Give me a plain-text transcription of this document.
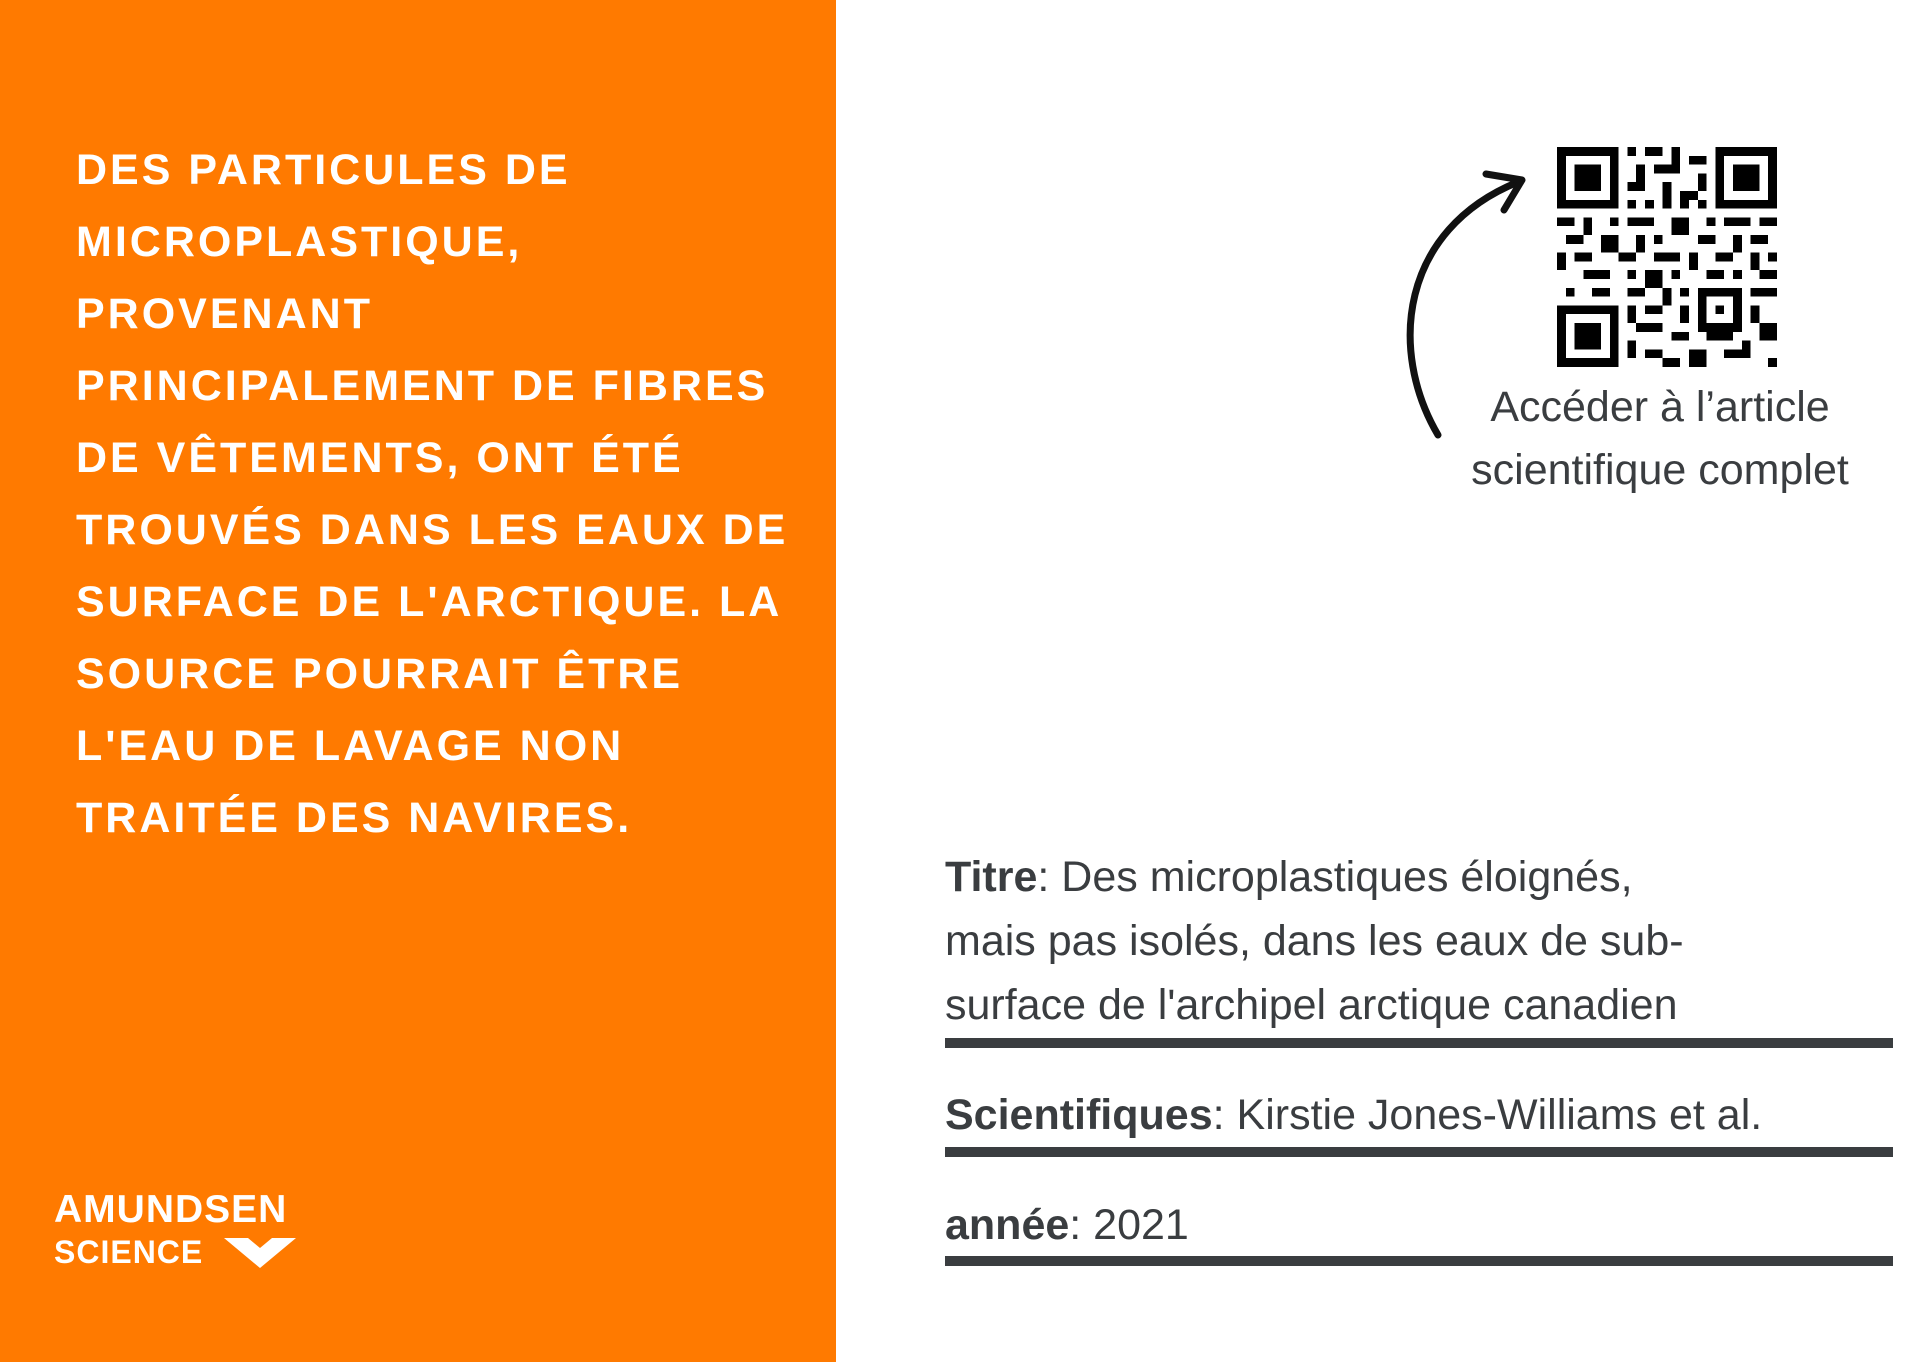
DES PARTICULES DE MICROPLASTIQUE, PROVENANT PRINCIPALEMENT DE FIBRES DE VÊTEMENTS, ONT ÉTÉ TROUVÉS DANS LES EAUX DE SURFACE DE L'ARCTIQUE. LA SOURCE POURRAIT ÊTRE L'EAU DE LAVAGE NON TRAITÉE DES NAVIRES.

AMUNDSEN
SCIENCE
Accéder à l’article
scientifique complet
Titre: Des microplastiques éloignés,
mais pas isolés, dans les eaux de sub-
surface de l'archipel arctique canadien
Scientifiques: Kirstie Jones-Williams et al.
année: 2021
